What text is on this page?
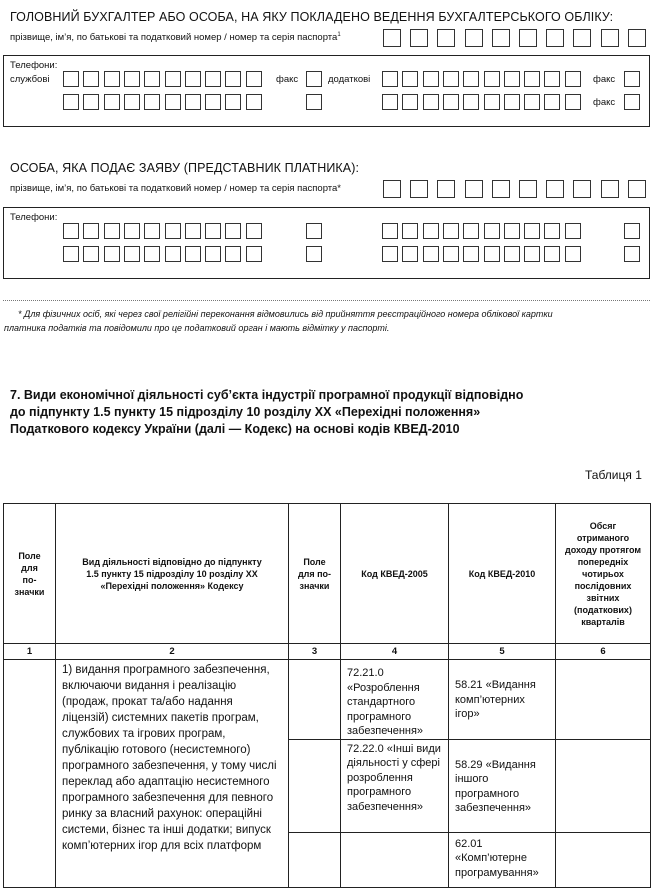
ГОЛОВНИЙ БУХГАЛТЕР АБО ОСОБА, НА ЯКУ ПОКЛАДЕНО ВЕДЕННЯ БУХГАЛТЕРСЬКОГО ОБЛІКУ:
прізвище, ім’я, по батькові та податковий номер / номер та серія паспорта$^1$
Телефони:
службові	факс	додаткові	факс
факс
ОСОБА, ЯКА ПОДАЄ ЗАЯВУ (ПРЕДСТАВНИК ПЛАТНИКА):
прізвище, ім’я, по батькові та податковий номер / номер та серія паспорта*
Телефони:
* Для фізичних осіб, які через свої релігійні переконання відмовились від прийняття реєстраційного номера облікової картки
платника податків та повідомили про це податковий орган і мають відмітку у паспорті.
7. Види економічної діяльності суб’єкта індустрії програмної продукції відповідно
до підпункту 1.5 пункту 15 підрозділу 10 розділу XX «Перехідні положення»
Податкового кодексу України (далі — Кодекс) на основі кодів КВЕД-2010
Таблиця 1
Поле для по- значки	Вид діяльності відповідно до підпункту 1.5 пункту 15 підрозділу 10 розділу XX «Перехідні положення» Кодексу	Поле для по- значки	Код КВЕД-2005	Код КВЕД-2010	Обсяг отриманого доходу протягом попередніх чотирьох послідовних звітних (податкових) кварталів
1	2	3	4	5	6
	1) видання програмного забезпечення, включаючи видання і реалізацію (продаж, прокат та/або надання ліцензій) системних пакетів програм, службових та ігрових програм, публікацію готового (несистемного) програмного забезпечення, у тому числі переклад або адаптацію несистемного програмного забезпечення для певного ринку за власний рахунок: операційні системи, бізнес та інші додатки; випуск комп’ютерних ігор для всіх платформ		72.21.0 «Розроблення стандартного програмного забезпечення»	58.21 «Видання комп’ютерних ігор»	
			72.22.0 «Інші види діяльності у сфері розроблення програмного забезпечення»	58.29 «Видання іншого програмного забезпечення»	
				62.01 «Комп’ютерне програмування»	
